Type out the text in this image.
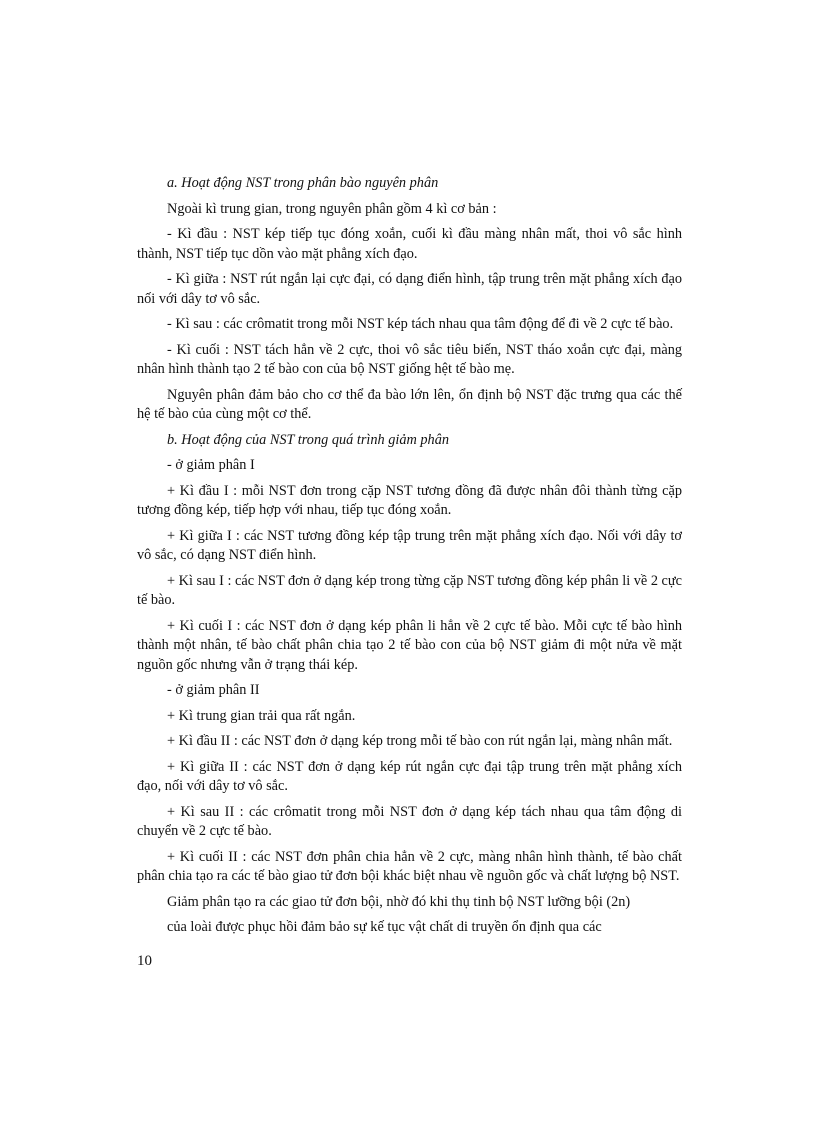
a. Hoạt động NST trong phân bào nguyên phân

Ngoài kì trung gian, trong nguyên phân gồm 4 kì cơ bản :

- Kì đầu : NST kép tiếp tục đóng xoắn, cuối kì đầu màng nhân mất, thoi vô sắc hình thành, NST tiếp tục dồn vào mặt phẳng xích đạo.

- Kì giữa : NST rút ngắn lại cực đại, có dạng điển hình, tập trung trên mặt phẳng xích đạo nối với dây tơ vô sắc.

- Kì sau : các crômatit trong mỗi NST kép tách nhau qua tâm động để đi về 2 cực tế bào.

- Kì cuối : NST tách hẳn về 2 cực, thoi vô sắc tiêu biến, NST tháo xoắn cực đại, màng nhân hình thành tạo 2 tế bào con của bộ NST giống hệt tế bào mẹ.

Nguyên phân đảm bảo cho cơ thể đa bào lớn lên, ổn định bộ NST đặc trưng qua các thế hệ tế bào của cùng một cơ thể.

b. Hoạt động của NST trong quá trình giảm phân

- ở giảm phân I

+ Kì đầu I : mỗi NST đơn trong cặp NST tương đồng đã được nhân đôi thành từng cặp tương đồng kép, tiếp hợp với nhau, tiếp tục đóng xoắn.

+ Kì giữa I : các NST tương đồng kép tập trung trên mặt phẳng xích đạo. Nối với dây tơ vô sắc, có dạng NST điển hình.

+ Kì sau I : các NST đơn ở dạng kép trong từng cặp NST tương đồng kép phân li về 2 cực tế bào.

+ Kì cuối I : các NST đơn ở dạng kép phân li hẳn về 2 cực tế bào. Mỗi cực tế bào hình thành một nhân, tế bào chất phân chia tạo 2 tế bào con của bộ NST giảm đi một nửa về mặt nguồn gốc nhưng vẫn ở trạng thái kép.

- ở giảm phân II

+ Kì trung gian trải qua rất ngắn.

+ Kì đầu II : các NST đơn ở dạng kép trong mỗi tế bào con rút ngắn lại, màng nhân mất.

+ Kì giữa II : các NST đơn ở dạng kép rút ngắn cực đại tập trung trên mặt phẳng xích đạo, nối với dây tơ vô sắc.

+ Kì sau II : các crômatit trong mỗi NST đơn ở dạng kép tách nhau qua tâm động di chuyển về 2 cực tế bào.

+ Kì cuối II : các NST đơn phân chia hẳn về 2 cực, màng nhân hình thành, tế bào chất phân chia tạo ra các tế bào giao tử đơn bội khác biệt nhau về nguồn gốc và chất lượng bộ NST.

Giảm phân tạo ra các giao tử đơn bội, nhờ đó khi thụ tinh bộ NST lưỡng bội (2n)

của loài được phục hồi đảm bảo sự kế tục vật chất di truyền ổn định qua các

10
